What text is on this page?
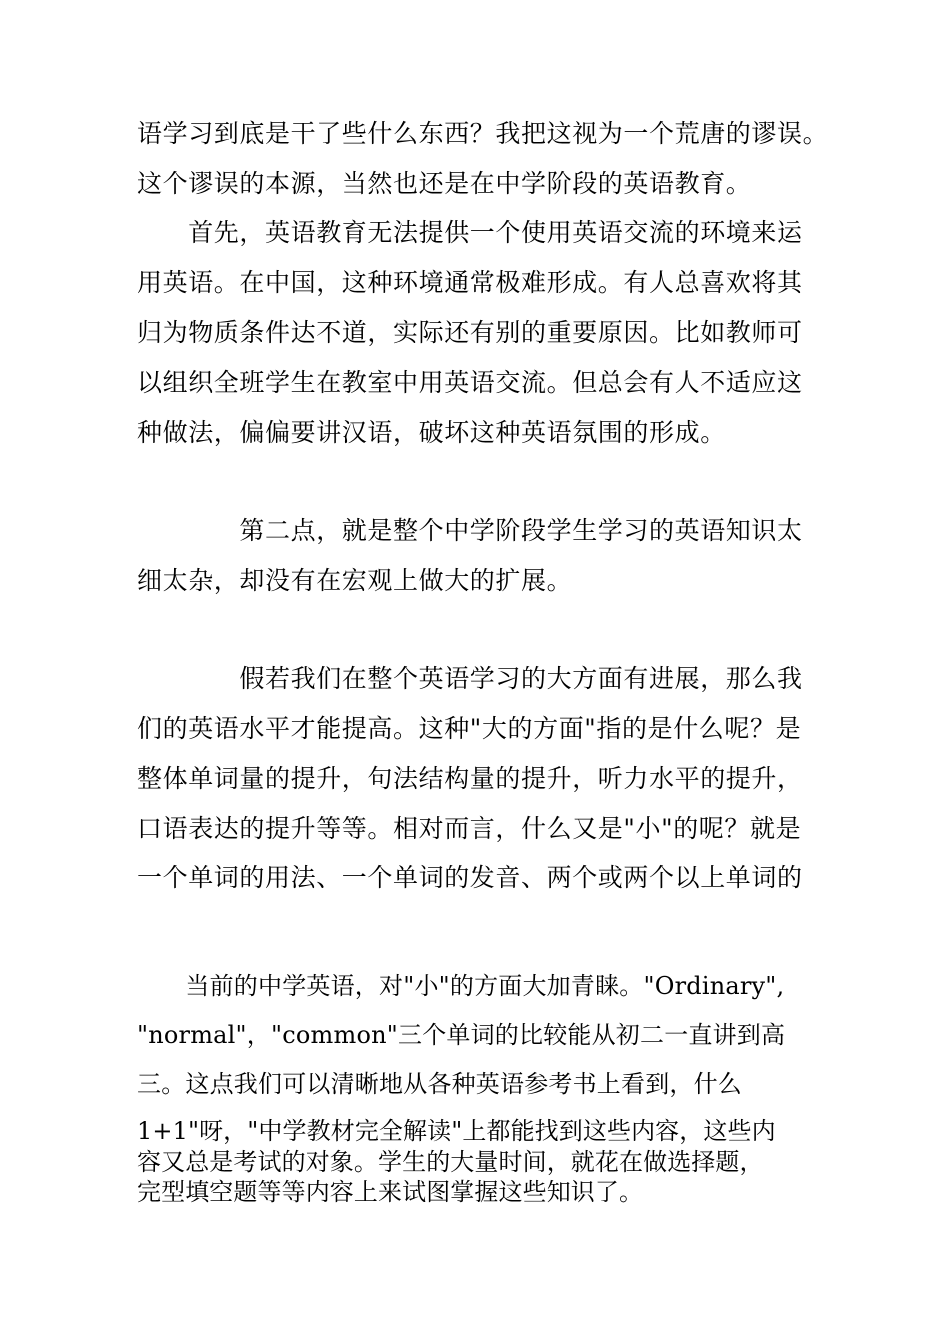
语学习到底是干了些什么东西？我把这视为一个荒唐的谬误。

这个谬误的本源，当然也还是在中学阶段的英语教育。

　　首先，英语教育无法提供一个使用英语交流的环境来运

用英语。在中国，这种环境通常极难形成。有人总喜欢将其

归为物质条件达不道，实际还有别的重要原因。比如教师可

以组织全班学生在教室中用英语交流。但总会有人不适应这

种做法，偏偏要讲汉语，破坏这种英语氛围的形成。

　　　　第二点，就是整个中学阶段学生学习的英语知识太

细太杂，却没有在宏观上做大的扩展。

　　　　假若我们在整个英语学习的大方面有进展，那么我

们的英语水平才能提高。这种"大的方面"指的是什么呢？是

整体单词量的提升，句法结构量的提升，听力水平的提升，

口语表达的提升等等。相对而言，什么又是"小"的呢？就是

一个单词的用法、一个单词的发音、两个或两个以上单词的

　　当前的中学英语，对"小"的方面大加青睐。"Ordinary",

"normal"，"common"三个单词的比较能从初二一直讲到高

三。这点我们可以清晰地从各种英语参考书上看到，什么

1+1"呀，"中学教材完全解读"上都能找到这些内容，这些内

容又总是考试的对象。学生的大量时间，就花在做选择题，

完型填空题等等内容上来试图掌握这些知识了。
